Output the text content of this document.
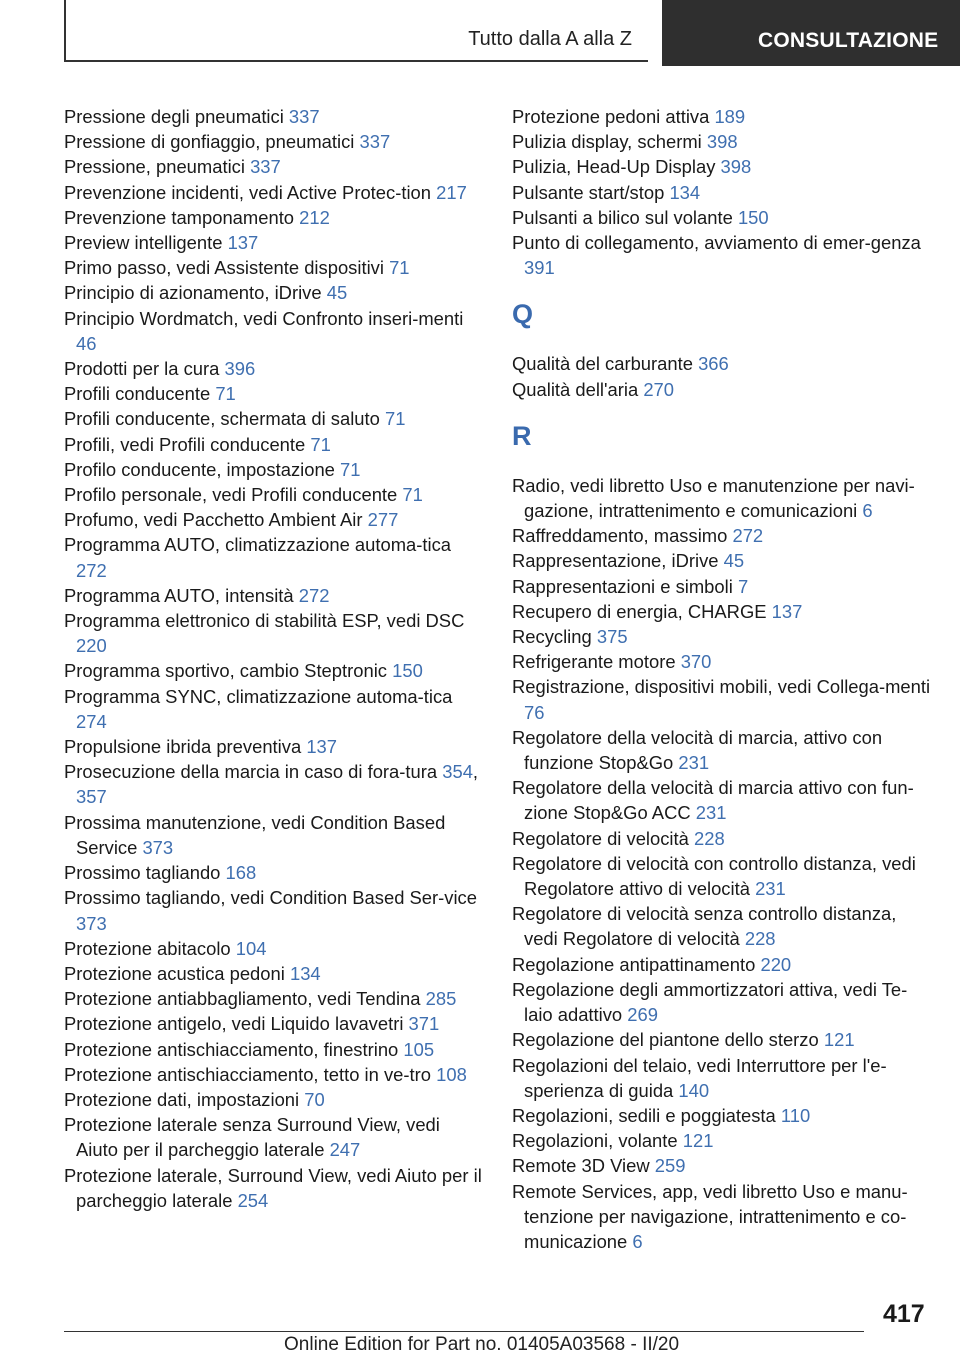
Tutto dalla A alla Z	CONSULTAZIONE
Pressione degli pneumatici 337
Pressione di gonfiaggio, pneumatici 337
Pressione, pneumatici 337
Prevenzione incidenti, vedi Active Protec‐tion 217
Prevenzione tamponamento 212
Preview intelligente 137
Primo passo, vedi Assistente dispositivi 71
Principio di azionamento, iDrive 45
Principio Wordmatch, vedi Confronto inseri‐menti 46
Prodotti per la cura 396
Profili conducente 71
Profili conducente, schermata di saluto 71
Profili, vedi Profili conducente 71
Profilo conducente, impostazione 71
Profilo personale, vedi Profili conducente 71
Profumo, vedi Pacchetto Ambient Air 277
Programma AUTO, climatizzazione automa‐tica 272
Programma AUTO, intensità 272
Programma elettronico di stabilità ESP, vedi DSC 220
Programma sportivo, cambio Steptronic 150
Programma SYNC, climatizzazione automa‐tica 274
Propulsione ibrida preventiva 137
Prosecuzione della marcia in caso di fora‐tura 354, 357
Prossima manutenzione, vedi Condition Based Service 373
Prossimo tagliando 168
Prossimo tagliando, vedi Condition Based Ser‐vice 373
Protezione abitacolo 104
Protezione acustica pedoni 134
Protezione antiabbagliamento, vedi Tendina 285
Protezione antigelo, vedi Liquido lavavetri 371
Protezione antischiacciamento, finestrino 105
Protezione antischiacciamento, tetto in ve‐tro 108
Protezione dati, impostazioni 70
Protezione laterale senza Surround View, vedi Aiuto per il parcheggio laterale 247
Protezione laterale, Surround View, vedi Aiuto per il parcheggio laterale 254
Protezione pedoni attiva 189
Pulizia display, schermi 398
Pulizia, Head-Up Display 398
Pulsante start/stop 134
Pulsanti a bilico sul volante 150
Punto di collegamento, avviamento di emer‐genza 391
Q
Qualità del carburante 366
Qualità dell'aria 270
R
Radio, vedi libretto Uso e manutenzione per navi‐gazione, intrattenimento e comunicazioni 6
Raffreddamento, massimo 272
Rappresentazione, iDrive 45
Rappresentazioni e simboli 7
Recupero di energia, CHARGE 137
Recycling 375
Refrigerante motore 370
Registrazione, dispositivi mobili, vedi Collega‐menti 76
Regolatore della velocità di marcia, attivo con funzione Stop&Go 231
Regolatore della velocità di marcia attivo con fun‐zione Stop&Go ACC 231
Regolatore di velocità 228
Regolatore di velocità con controllo distanza, vedi Regolatore attivo di velocità 231
Regolatore di velocità senza controllo distanza, vedi Regolatore di velocità 228
Regolazione antipattinamento 220
Regolazione degli ammortizzatori attiva, vedi Te‐laio adattivo 269
Regolazione del piantone dello sterzo 121
Regolazioni del telaio, vedi Interruttore per l'e‐sperienza di guida 140
Regolazioni, sedili e poggiatesta 110
Regolazioni, volante 121
Remote 3D View 259
Remote Services, app, vedi libretto Uso e manu‐tenzione per navigazione, intrattenimento e co‐municazione 6
417
Online Edition for Part no. 01405A03568 - II/20
